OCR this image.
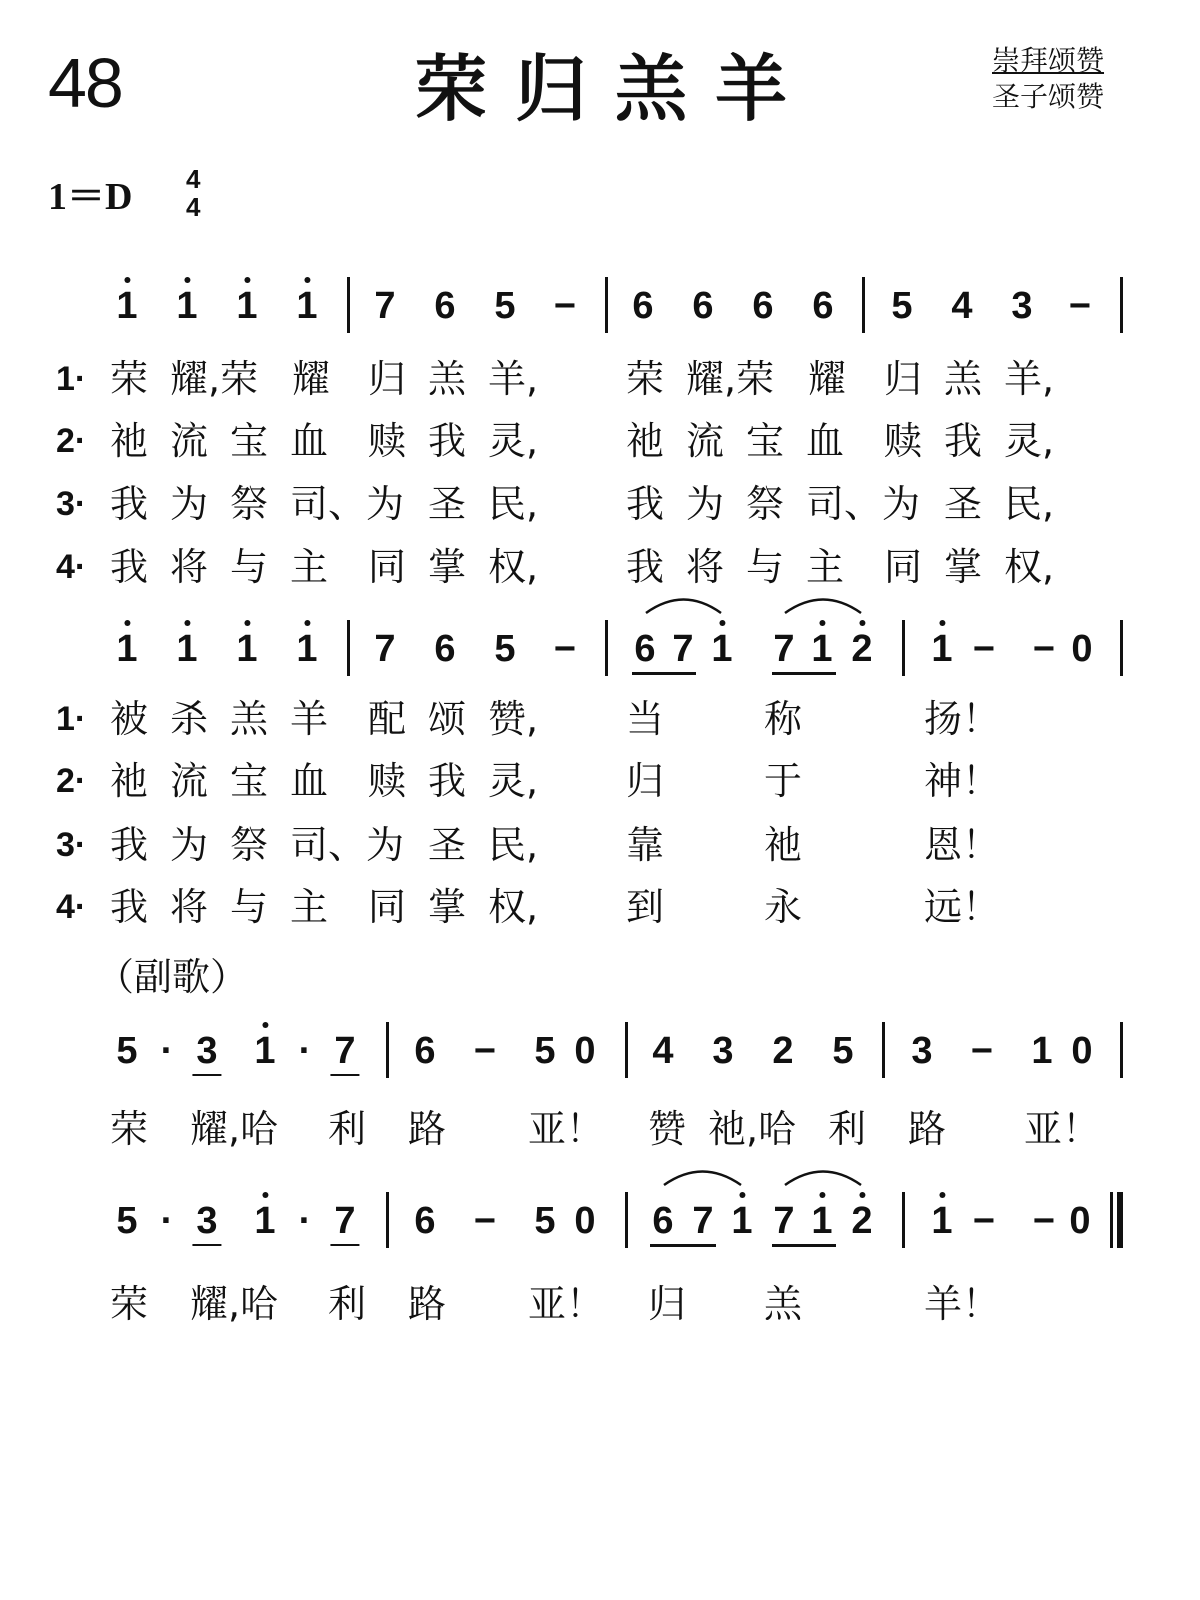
48	荣归羔羊	崇拜颂赞
圣子颂赞
1＝D 4
4
1 1 1 1 7 6 5 − 6 6 6 6 5 4 3 −
1· 荣 耀,荣 耀 归 羔 羊, 荣 耀,荣 耀 归 羔 羊,
2· 祂 流 宝 血 赎 我 灵, 祂 流 宝 血 赎 我 灵,
3· 我 为 祭 司、为 圣 民, 我 为 祭 司、为 圣 民,
4· 我 将 与 主 同 掌 权, 我 将 与 主 同 掌 权,
1 1 1 1 7 6 5 − 6 7 1 7 1 2 1 − − 0
1· 被 杀 羔 羊 配 颂 赞, 当	称	扬！
2· 祂 流 宝 血 赎 我 灵, 归	于	神！
3· 我 为 祭 司、为 圣 民, 靠	祂	恩！
4· 我 将 与 主 同 掌 权, 到	永	远！
（副歌）
5 · 3 1 · 7 6 − 5 0 4 3 2 5 3 − 1 0
荣 耀,哈 利 路 亚！ 赞 祂,哈 利 路 亚！
5 · 3 1 · 7 6 − 5 0 6 7 1 7 1 2 1 − − 0
荣 耀,哈 利 路 亚！ 归 羔	羊！
